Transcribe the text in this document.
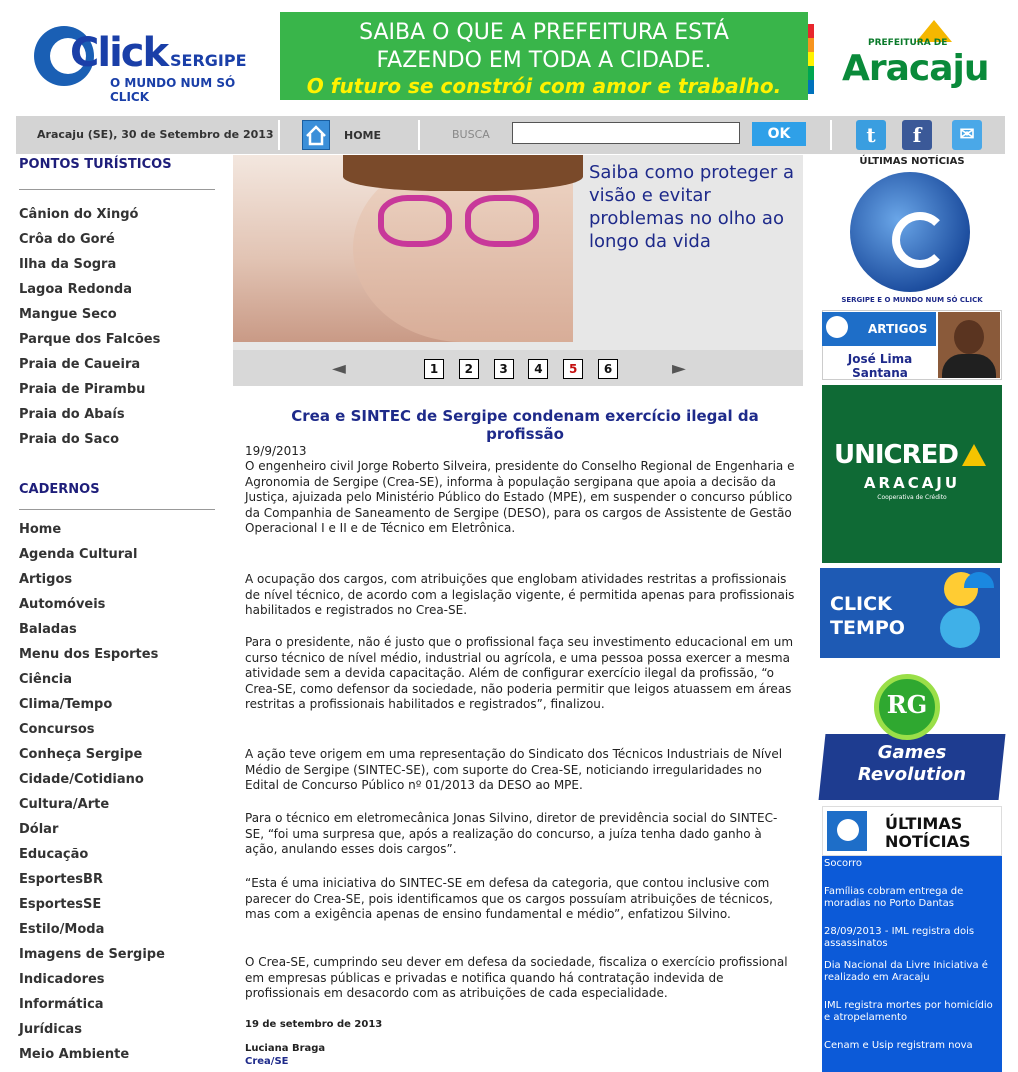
Click SERGIPE
O MUNDO NUM SÓ CLICK
SAIBA O QUE A PREFEITURA ESTÁ
FAZENDO EM TODA A CIDADE.
O futuro se constrói com amor e trabalho.
PREFEITURA DE
Aracaju
Aracaju (SE), 30 de Setembro de 2013	HOME	BUSCA	OK	t	f	✉
PONTOS TURÍSTICOS
Cânion do Xingó
Crôa do Goré
Ilha da Sogra
Lagoa Redonda
Mangue Seco
Parque dos Falcões
Praia de Caueira
Praia de Pirambu
Praia do Abaís
Praia do Saco
CADERNOS
Home
Agenda Cultural
Artigos
Automóveis
Baladas
Menu dos Esportes
Ciência
Clima/Tempo
Concursos
Conheça Sergipe
Cidade/Cotidiano
Cultura/Arte
Dólar
Educação
EsportesBR
EsportesSE
Estilo/Moda
Imagens de Sergipe
Indicadores
Informática
Jurídicas
Meio Ambiente
Saiba como proteger a visão e evitar problemas no olho ao longo da vida
◄	►
1	2	3	4	5	6
Crea e SINTEC de Sergipe condenam exercício ilegal da profissão
19/9/2013
O engenheiro civil Jorge Roberto Silveira, presidente do Conselho Regional de Engenharia e Agronomia de Sergipe (Crea-SE), informa à população sergipana que apoia a decisão da Justiça, ajuizada pelo Ministério Público do Estado (MPE), em suspender o concurso público da Companhia de Saneamento de Sergipe (DESO), para os cargos de Assistente de Gestão Operacional I e II e de Técnico em Eletrônica.
A ocupação dos cargos, com atribuições que englobam atividades restritas a profissionais de nível técnico, de acordo com a legislação vigente, é permitida apenas para profissionais habilitados e registrados no Crea-SE.
Para o presidente, não é justo que o profissional faça seu investimento educacional em um curso técnico de nível médio, industrial ou agrícola, e uma pessoa possa exercer a mesma atividade sem a devida capacitação. Além de configurar exercício ilegal da profissão, “o Crea-SE, como defensor da sociedade, não poderia permitir que leigos atuassem em áreas restritas a profissionais habilitados e registrados”, finalizou.
A ação teve origem em uma representação do Sindicato dos Técnicos Industriais de Nível Médio de Sergipe (SINTEC-SE), com suporte do Crea-SE, noticiando irregularidades no Edital de Concurso Público nº 01/2013 da DESO ao MPE.
Para o técnico em eletromecânica Jonas Silvino, diretor de previdência social do SINTEC-SE, “foi uma surpresa que, após a realização do concurso, a juíza tenha dado ganho à ação, anulando esses dois cargos”.
“Esta é uma iniciativa do SINTEC-SE em defesa da categoria, que contou inclusive com parecer do Crea-SE, pois identificamos que os cargos possuíam atribuições de técnicos, mas com a exigência apenas de ensino fundamental e médio”, enfatizou Silvino.
O Crea-SE, cumprindo seu dever em defesa da sociedade, fiscaliza o exercício profissional em empresas públicas e privadas e notifica quando há contratação indevida de profissionais em desacordo com as atribuições de cada especialidade.
19 de setembro de 2013
Luciana Braga
Crea/SE
ÚLTIMAS NOTÍCIAS
SERGIPE E O MUNDO NUM SÓ CLICK
ARTIGOS
José Lima Santana
UNICRED
ARACAJU
Cooperativa de Crédito
CLICK
TEMPO
RG
Games
Revolution
ÚLTIMAS
NOTÍCIAS
Socorro
Famílias cobram entrega de moradias no Porto Dantas
28/09/2013 - IML registra dois assassinatos
Dia Nacional da Livre Iniciativa é realizado em Aracaju
IML registra mortes por homicídio e atropelamento
Cenam e Usip registram nova
